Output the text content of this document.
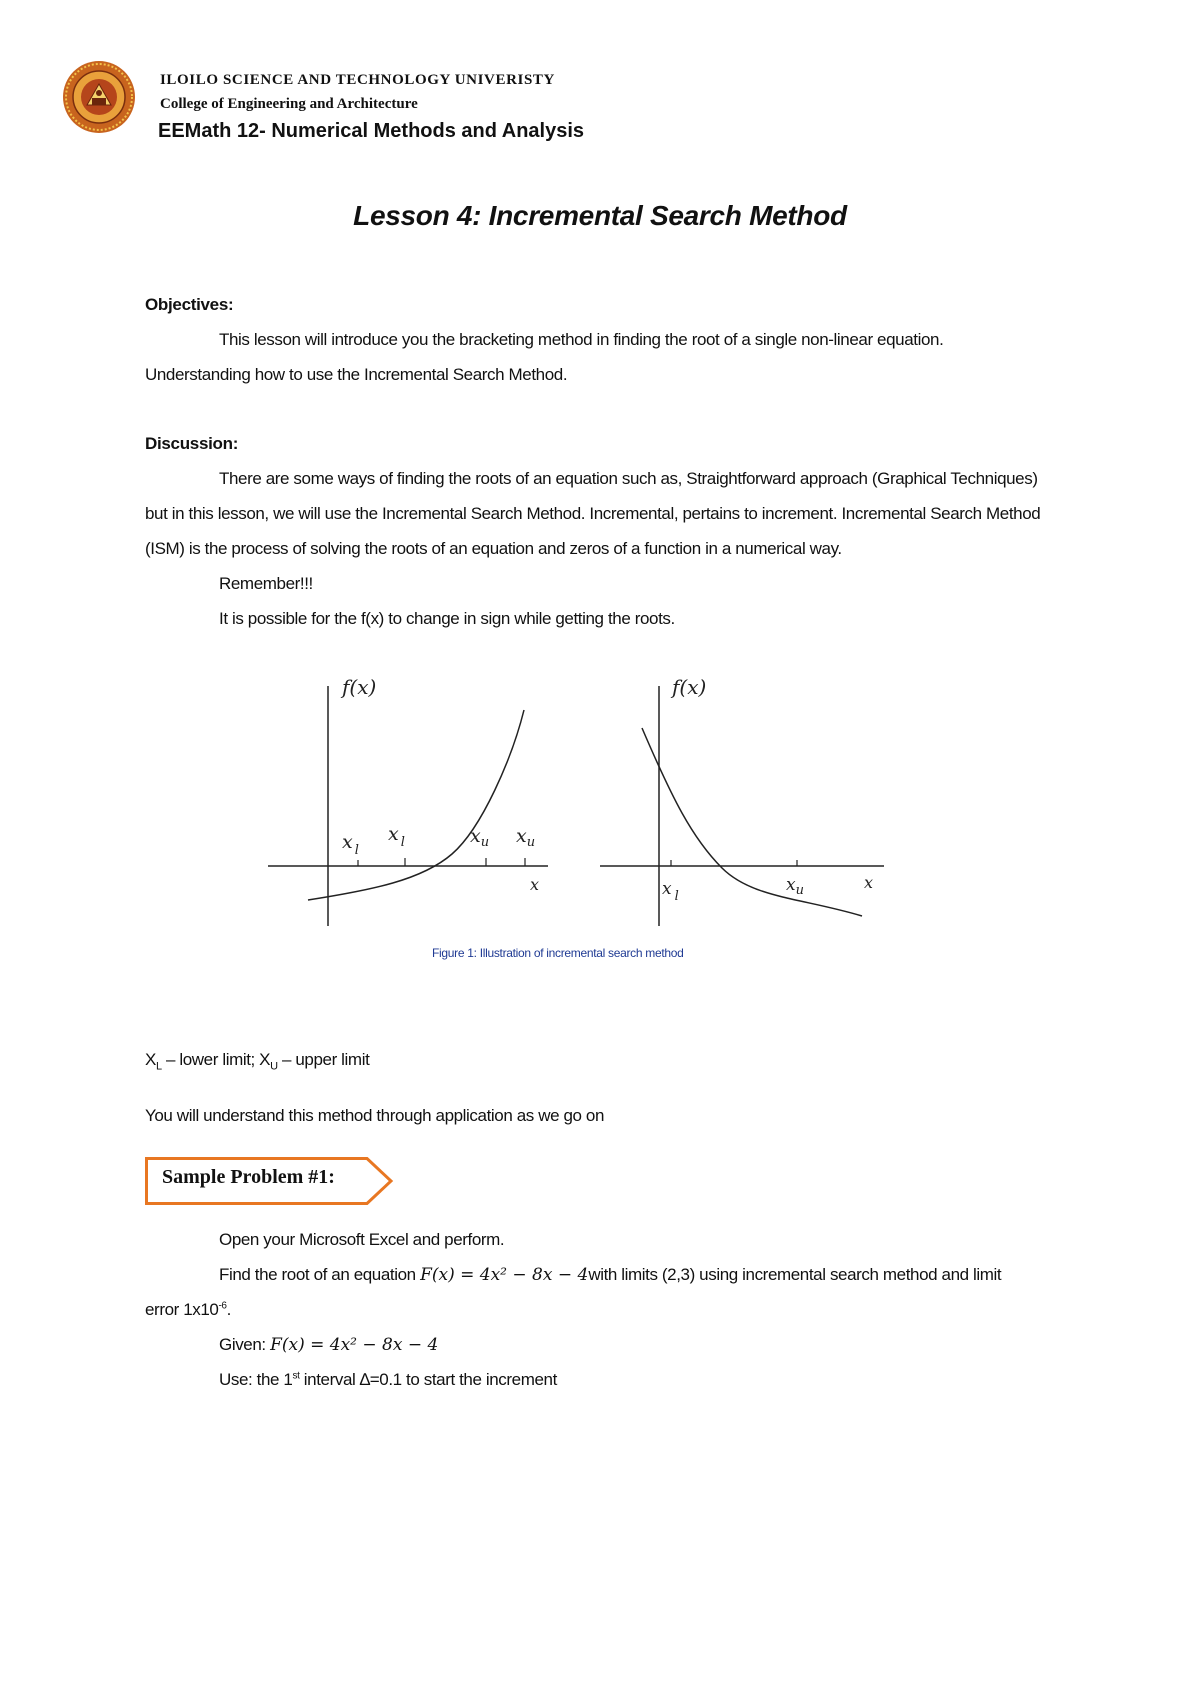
ILOILO SCIENCE AND TECHNOLOGY UNIVERISTY
College of Engineering and Architecture
EEMath 12- Numerical Methods and Analysis
Lesson 4: Incremental Search Method
Objectives:
This lesson will introduce you the bracketing method in finding the root of a single non-linear equation.
Understanding how to use the Incremental Search Method.
Discussion:
There are some ways of finding the roots of an equation such as, Straightforward approach (Graphical Techniques)
but in this lesson, we will use the Incremental Search Method. Incremental, pertains to increment. Incremental Search Method
(ISM) is the process of solving the roots of an equation and zeros of a function in a numerical way.
Remember!!!
It is possible for the f(x) to change in sign while getting the roots.
f(x)
x
x $_l$
x $_l$	$x_u$ $x_u$
f(x)
x
x $_l$
$x_u$
Figure 1: Illustration of incremental search method
$X_L$ – lower limit; $X_U$ – upper limit
You will understand this method through application as we go on
Sample Problem #1:
Open your Microsoft Excel and perform.
Find the root of an equation F(x) = 4x² − 8x − 4with limits (2,3) using incremental search method and limit
error $1x10^{-6}$.
Given: F(x) = 4x² − 8x − 4
Use: the 1st interval ∆=0.1 to start the increment
